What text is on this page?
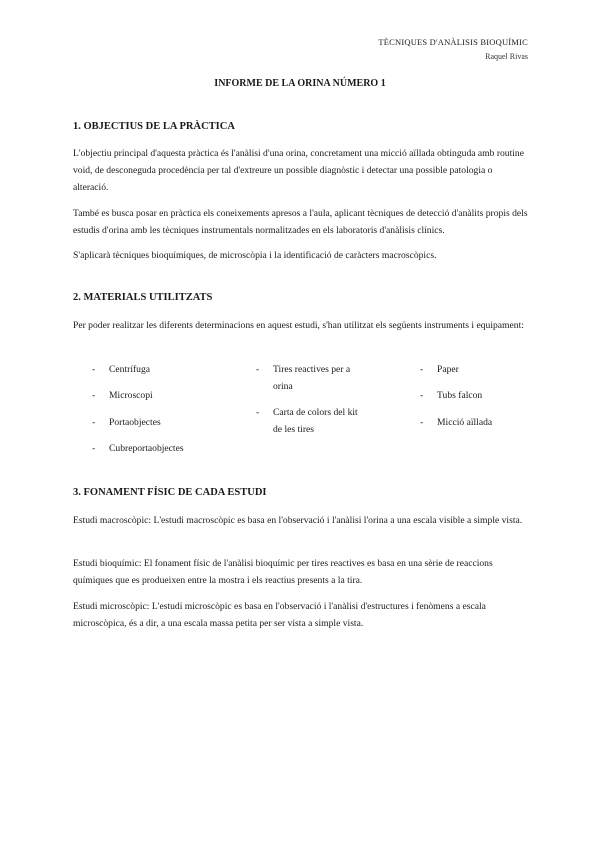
TÈCNIQUES D'ANÀLISIS BIOQUÍMIC
Raquel Rivas
INFORME DE LA ORINA NÚMERO 1
1. OBJECTIUS DE LA PRÀCTICA

L'objectiu principal d'aquesta pràctica és l'anàlisi d'una orina, concretament una micció aïllada obtinguda amb routine void, de desconeguda procedència per tal d'extreure un possible diagnòstic i detectar una possible patologia o alteració.

També es busca posar en pràctica els coneixements apresos a l'aula, aplicant tècniques de detecció d'anàlits propis dels estudis d'orina amb les tècniques instrumentals normalitzades en els laboratoris d'anàlisis clínics.

S'aplicarà tècniques bioquímiques, de microscòpia i la identificació de caràcters macroscòpics.

2. MATERIALS UTILITZATS

Per poder realitzar les diferents determinacions en aquest estudi, s'han utilitzat els següents instruments i equipament:

- Centrífuga
- Microscopi
- Portaobjectes
- Cubreportaobjectes
- Tires reactives per a orina
- Carta de colors del kit de les tires
- Paper
- Tubs falcon
- Micció aïllada
3. FONAMENT FÍSIC DE CADA ESTUDI

Estudi macroscòpic: L'estudi macroscòpic es basa en l'observació i l'anàlisi l'orina a una escala visible a simple vista.

Estudi bioquímic: El fonament físic de l'anàlisi bioquímic per tires reactives es basa en una sèrie de reaccions químiques que es produeixen entre la mostra i els reactius presents a la tira.

Estudi microscòpic: L'estudi microscòpic es basa en l'observació i l'anàlisi d'estructures i fenòmens a escala microscòpica, és a dir, a una escala massa petita per ser vista a simple vista.
